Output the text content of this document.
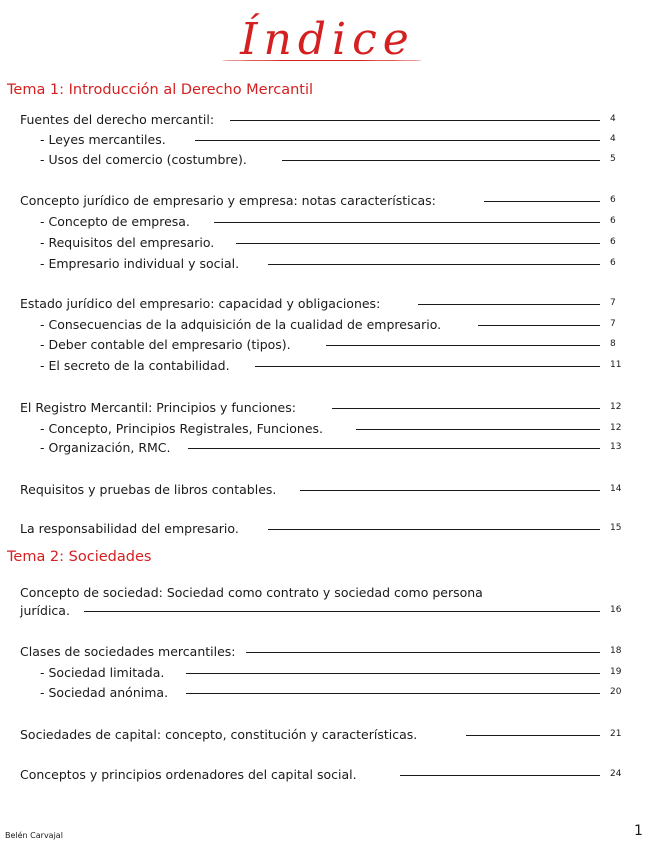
Índice
Tema 1: Introducción al Derecho Mercantil
Fuentes del derecho mercantil:	4
- Leyes mercantiles.	4
- Usos del comercio (costumbre).	5
Concepto jurídico de empresario y empresa: notas características:	6
- Concepto de empresa.	6
- Requisitos del empresario.	6
- Empresario individual y social.	6
Estado jurídico del empresario: capacidad y obligaciones:	7
- Consecuencias de la adquisición de la cualidad de empresario.	7
- Deber contable del empresario (tipos).	8
- El secreto de la contabilidad.	11
El Registro Mercantil: Principios y funciones:	12
- Concepto, Principios Registrales, Funciones.	12
- Organización, RMC.	13
Requisitos y pruebas de libros contables.	14
La responsabilidad del empresario.	15
Tema 2: Sociedades
Concepto de sociedad: Sociedad como contrato y sociedad como persona
jurídica.	16
Clases de sociedades mercantiles:	18
- Sociedad limitada.	19
- Sociedad anónima.	20
Sociedades de capital: concepto, constitución y características.	21
Conceptos y principios ordenadores del capital social.	24
Belén Carvajal	1
